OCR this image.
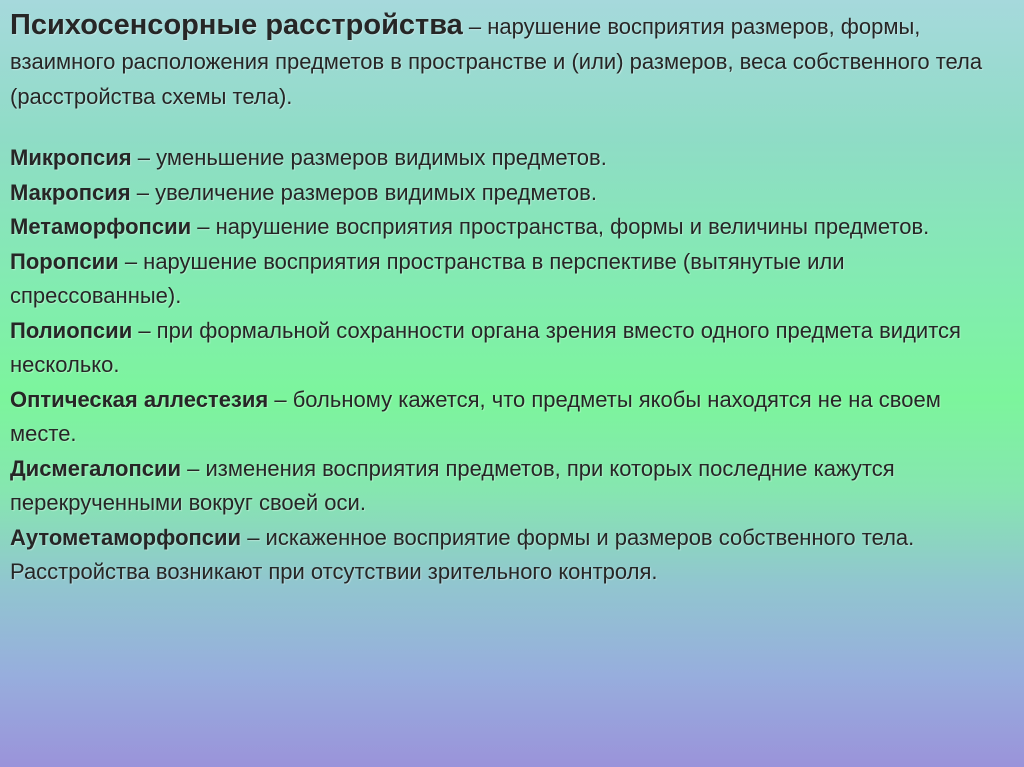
Психосенсорные расстройства – нарушение восприятия размеров, формы, взаимного расположения предметов в пространстве и (или) размеров, веса собственного тела (расстройства схемы тела).

Микропсия – уменьшение размеров видимых предметов.

Макропсия – увеличение размеров видимых предметов.

Метаморфопсии – нарушение восприятия пространства, формы и величины предметов.

Поропсии – нарушение восприятия пространства в перспективе (вытянутые или спрессованные).

Полиопсии – при формальной сохранности органа зрения вместо одного предмета видится несколько.

Оптическая аллестезия – больному кажется, что предметы якобы находятся не на своем месте.

Дисмегалопсии – изменения восприятия предметов, при которых последние кажутся перекрученными вокруг своей оси.

Аутометаморфопсии – искаженное восприятие формы и размеров собственного тела. Расстройства возникают при отсутствии зрительного контроля.
